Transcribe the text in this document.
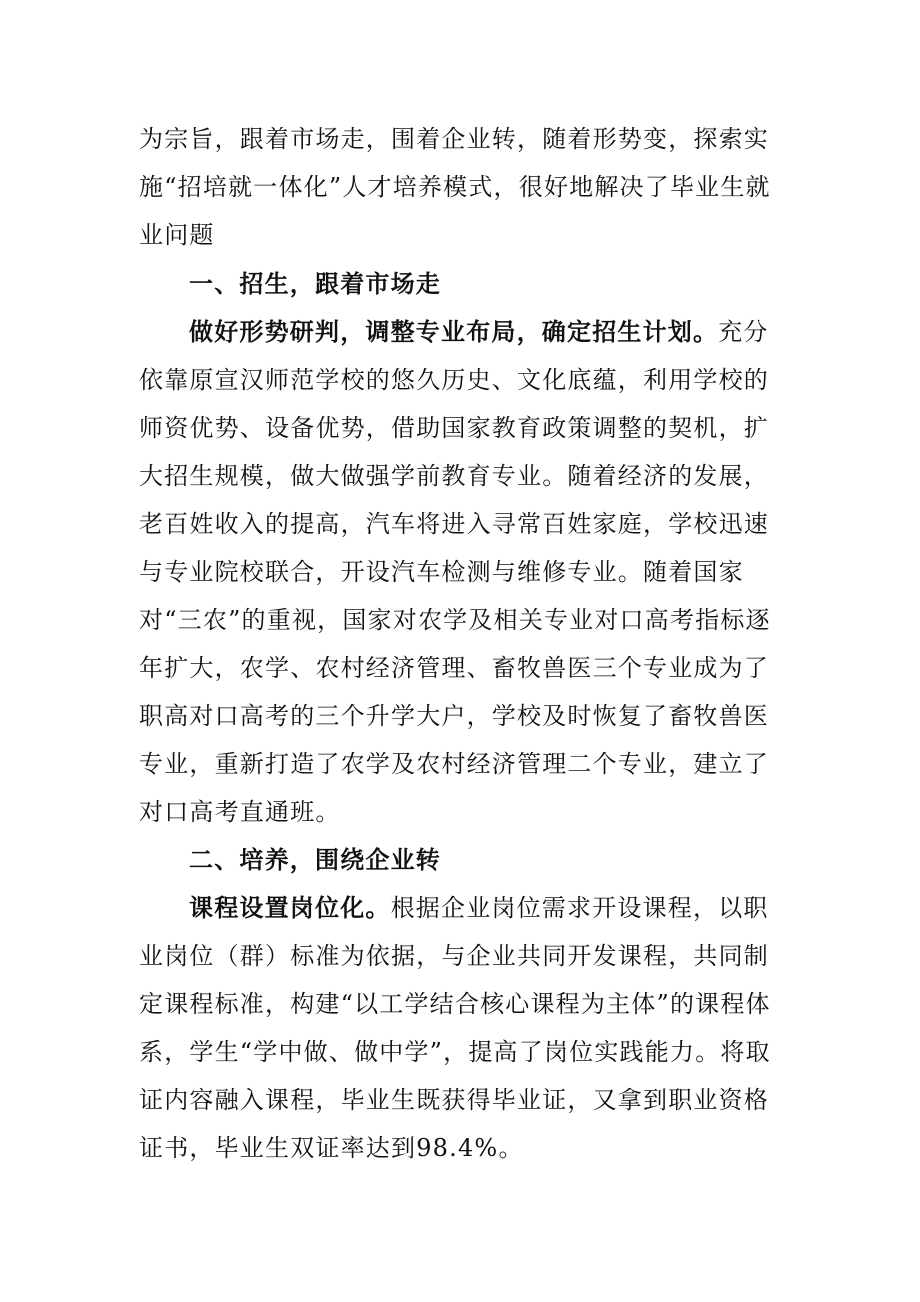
为宗旨，跟着市场走，围着企业转，随着形势变，探索实施“招培就一体化”人才培养模式，很好地解决了毕业生就业问题

一、招生，跟着市场走

做好形势研判，调整专业布局，确定招生计划。充分依靠原宣汉师范学校的悠久历史、文化底蕴，利用学校的师资优势、设备优势，借助国家教育政策调整的契机，扩大招生规模，做大做强学前教育专业。随着经济的发展，老百姓收入的提高，汽车将进入寻常百姓家庭，学校迅速与专业院校联合，开设汽车检测与维修专业。随着国家对“三农”的重视，国家对农学及相关专业对口高考指标逐年扩大，农学、农村经济管理、畜牧兽医三个专业成为了职高对口高考的三个升学大户，学校及时恢复了畜牧兽医专业，重新打造了农学及农村经济管理二个专业，建立了对口高考直通班。

二、培养，围绕企业转

课程设置岗位化。根据企业岗位需求开设课程，以职业岗位（群）标准为依据，与企业共同开发课程，共同制定课程标准，构建“以工学结合核心课程为主体”的课程体系，学生“学中做、做中学”，提高了岗位实践能力。将取证内容融入课程，毕业生既获得毕业证，又拿到职业资格证书，毕业生双证率达到98.4%。
